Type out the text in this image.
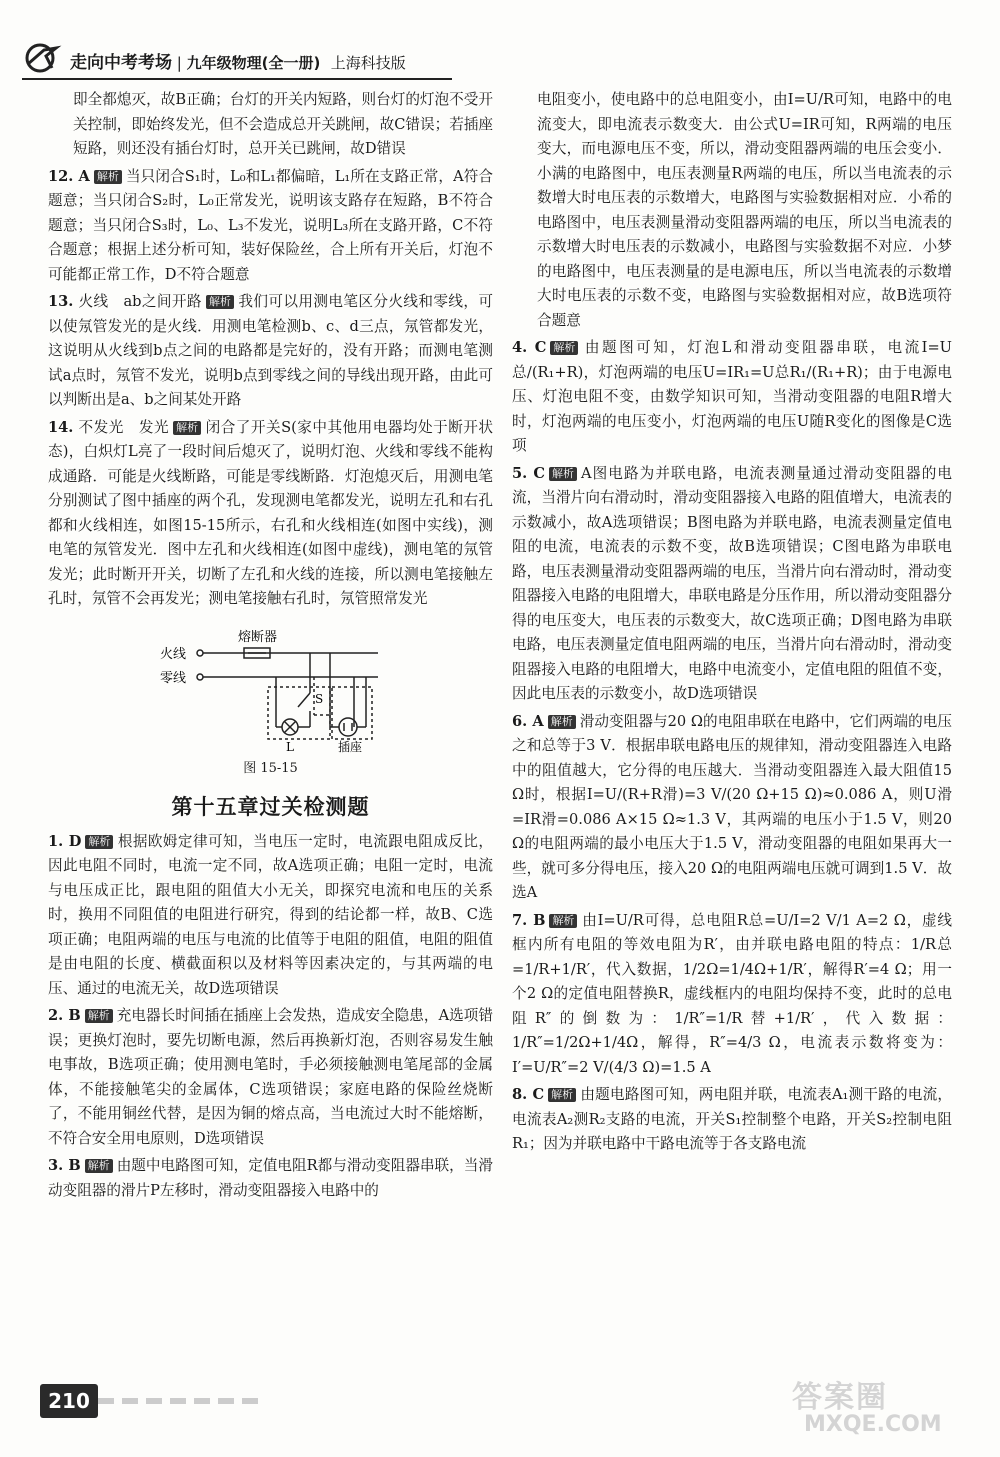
走向中考考场 | 九年级物理(全一册) 上海科技版
即全都熄灭，故B正确；台灯的开关内短路，则台灯的灯泡不受开关控制，即始终发光，但不会造成总开关跳闸，故C错误；若插座短路，则还没有插台灯时，总开关已跳闸，故D错误
12. A 解析 当只闭合S₁时，L₀和L₁都偏暗，L₁所在支路正常，A符合题意；当只闭合S₂时，L₀正常发光，说明该支路存在短路，B不符合题意；当只闭合S₃时，L₀、L₃不发光，说明L₃所在支路开路，C不符合题意；根据上述分析可知，装好保险丝，合上所有开关后，灯泡不可能都正常工作，D不符合题意
13. 火线　ab之间开路 解析 我们可以用测电笔区分火线和零线，可以使氖管发光的是火线．用测电笔检测b、c、d三点，氖管都发光，这说明从火线到b点之间的电路都是完好的，没有开路；而测电笔测试a点时，氖管不发光，说明b点到零线之间的导线出现开路，由此可以判断出是a、b之间某处开路
14. 不发光　发光 解析 闭合了开关S(家中其他用电器均处于断开状态)，白炽灯L亮了一段时间后熄灭了，说明灯泡、火线和零线不能构成通路．可能是火线断路，可能是零线断路．灯泡熄灭后，用测电笔分别测试了图中插座的两个孔，发现测电笔都发光，说明左孔和右孔都和火线相连，如图15-15所示，右孔和火线相连(如图中实线)，测电笔的氖管发光．图中左孔和火线相连(如图中虚线)，测电笔的氖管发光；此时断开开关，切断了左孔和火线的连接，所以测电笔接触左孔时，氖管不会再发光；测电笔接触右孔时，氖管照常发光
火线
零线
熔断器
S
L	插座
图 15-15
第十五章过关检测题
1. D 解析 根据欧姆定律可知，当电压一定时，电流跟电阻成反比，因此电阻不同时，电流一定不同，故A选项正确；电阻一定时，电流与电压成正比，跟电阻的阻值大小无关，即探究电流和电压的关系时，换用不同阻值的电阻进行研究，得到的结论都一样，故B、C选项正确；电阻两端的电压与电流的比值等于电阻的阻值，电阻的阻值是由电阻的长度、横截面积以及材料等因素决定的，与其两端的电压、通过的电流无关，故D选项错误
2. B 解析 充电器长时间插在插座上会发热，造成安全隐患，A选项错误；更换灯泡时，要先切断电源，然后再换新灯泡，否则容易发生触电事故，B选项正确；使用测电笔时，手必须接触测电笔尾部的金属体，不能接触笔尖的金属体，C选项错误；家庭电路的保险丝烧断了，不能用铜丝代替，是因为铜的熔点高，当电流过大时不能熔断，不符合安全用电原则，D选项错误
3. B 解析 由题中电路图可知，定值电阻R都与滑动变阻器串联，当滑动变阻器的滑片P左移时，滑动变阻器接入电路中的
电阻变小，使电路中的总电阻变小，由I=U/R可知，电路中的电流变大，即电流表示数变大．由公式U=IR可知，R两端的电压变大，而电源电压不变，所以，滑动变阻器两端的电压会变小．小满的电路图中，电压表测量R两端的电压，所以当电流表的示数增大时电压表的示数增大，电路图与实验数据相对应．小希的电路图中，电压表测量滑动变阻器两端的电压，所以当电流表的示数增大时电压表的示数减小，电路图与实验数据不对应．小梦的电路图中，电压表测量的是电源电压，所以当电流表的示数增大时电压表的示数不变，电路图与实验数据相对应，故B选项符合题意
4. C 解析 由题图可知，灯泡L和滑动变阻器串联，电流I=U总/(R₁+R)，灯泡两端的电压U=IR₁=U总R₁/(R₁+R)；由于电源电压、灯泡电阻不变，由数学知识可知，当滑动变阻器的电阻R增大时，灯泡两端的电压变小，灯泡两端的电压U随R变化的图像是C选项
5. C 解析 A图电路为并联电路，电流表测量通过滑动变阻器的电流，当滑片向右滑动时，滑动变阻器接入电路的阻值增大，电流表的示数减小，故A选项错误；B图电路为并联电路，电流表测量定值电阻的电流，电流表的示数不变，故B选项错误；C图电路为串联电路，电压表测量滑动变阻器两端的电压，当滑片向右滑动时，滑动变阻器接入电路的电阻增大，串联电路是分压作用，所以滑动变阻器分得的电压变大，电压表的示数变大，故C选项正确；D图电路为串联电路，电压表测量定值电阻两端的电压，当滑片向右滑动时，滑动变阻器接入电路的电阻增大，电路中电流变小，定值电阻的阻值不变，因此电压表的示数变小，故D选项错误
6. A 解析 滑动变阻器与20 Ω的电阻串联在电路中，它们两端的电压之和总等于3 V．根据串联电路电压的规律知，滑动变阻器连入电路中的阻值越大，它分得的电压越大．当滑动变阻器连入最大阻值15 Ω时，根据I=U/(R+R滑)=3 V/(20 Ω+15 Ω)≈0.086 A，则U滑=IR滑=0.086 A×15 Ω≈1.3 V，其两端的电压小于1.5 V，则20 Ω的电阻两端的最小电压大于1.5 V，滑动变阻器的电阻如果再大一些，就可多分得电压，接入20 Ω的电阻两端电压就可调到1.5 V．故选A
7. B 解析 由I=U/R可得，总电阻R总=U/I=2 V/1 A=2 Ω，虚线框内所有电阻的等效电阻为R′，由并联电路电阻的特点：1/R总=1/R+1/R′，代入数据，1/2Ω=1/4Ω+1/R′，解得R′=4 Ω；用一个2 Ω的定值电阻替换R，虚线框内的电阻均保持不变，此时的总电阻R″的倒数为：1/R″=1/R替+1/R′，代入数据：1/R″=1/2Ω+1/4Ω，解得，R″=4/3 Ω，电流表示数将变为：I′=U/R″=2 V/(4/3 Ω)=1.5 A
8. C 解析 由题电路图可知，两电阻并联，电流表A₁测干路的电流，电流表A₂测R₂支路的电流，开关S₁控制整个电路，开关S₂控制电阻R₁；因为并联电路中干路电流等于各支路电流
210	答案圈
MXQE.COM
